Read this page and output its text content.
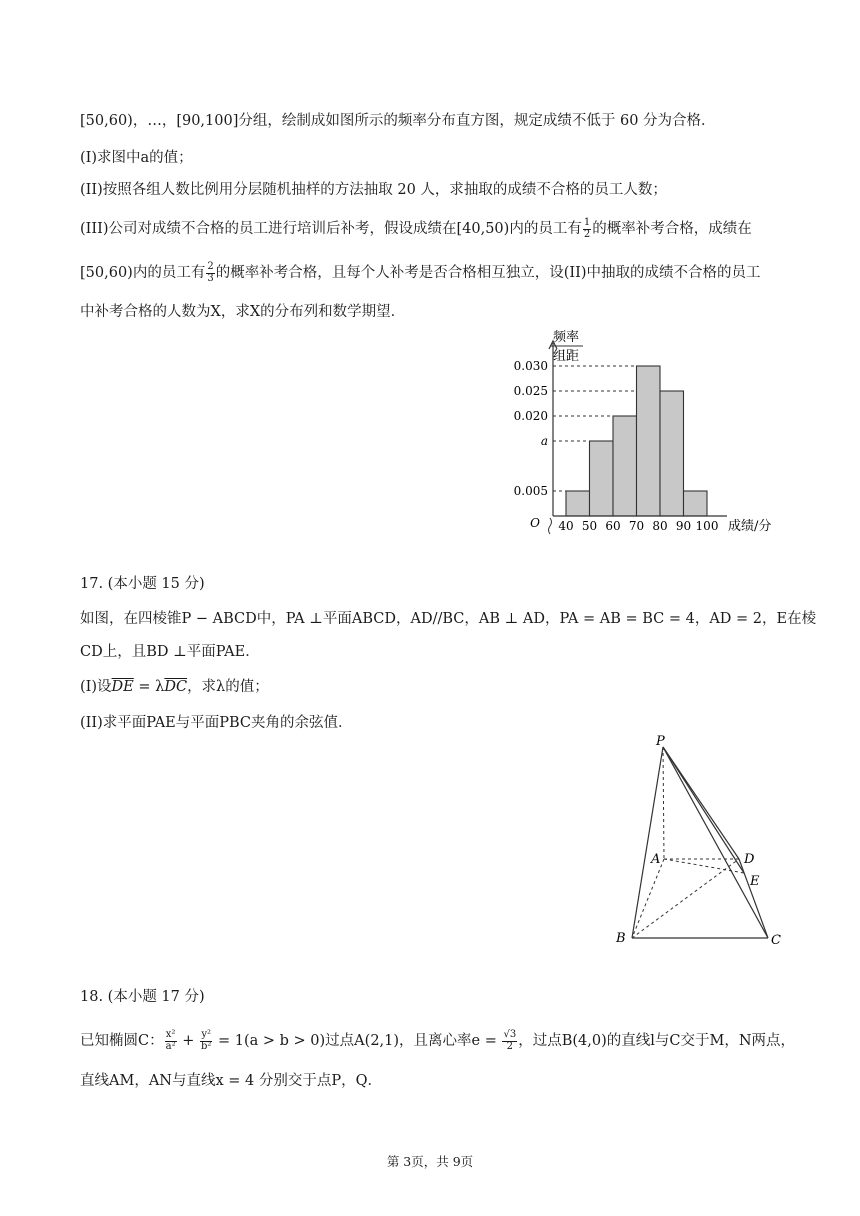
[50,60)，…，[90,100]分组，绘制成如图所示的频率分布直方图，规定成绩不低于 60 分为合格．
(I)求图中a的值；
(II)按照各组人数比例用分层随机抽样的方法抽取 20 人，求抽取的成绩不合格的员工人数；
(III)公司对成绩不合格的员工进行培训后补考，假设成绩在[40,50)内的员工有 $\frac{1}{2}$ 的概率补考合格，成绩在
[50,60)内的员工有 $\frac{2}{3}$ 的概率补考合格，且每个人补考是否合格相互独立，设(II)中抽取的成绩不合格的员工
中补考合格的人数为X，求X的分布列和数学期望．
频率
组距
O	成绩/分
0.030
0.025
0.020
a
0.005
40 50 60 70 80 90 100
17. (本小题 15 分)
如图，在四棱锥P − ABCD中，PA ⊥平面ABCD，AD//BC，AB ⊥ AD，PA = AB = BC = 4，AD = 2，E在棱
CD上，且BD ⊥平面PAE．
(I)设$\overline{DE} = \lambda\overline{DC}$，求λ的值；
(II)求平面PAE与平面PBC夹角的余弦值．
P
A	D
E
B	C
18. (本小题 17 分)
已知椭圆C： $\frac{\text{x²}}{\text{a²}} + \frac{\text{y²}}{\text{b²}} = 1(a > b > 0)$过点A(2,1)，且离心率$e = \frac{√3}{2}$ ，过点B(4,0)的直线l与C交于M，N两点，
直线AM，AN与直线x = 4 分别交于点P，Q．
第 3页，共 9页
